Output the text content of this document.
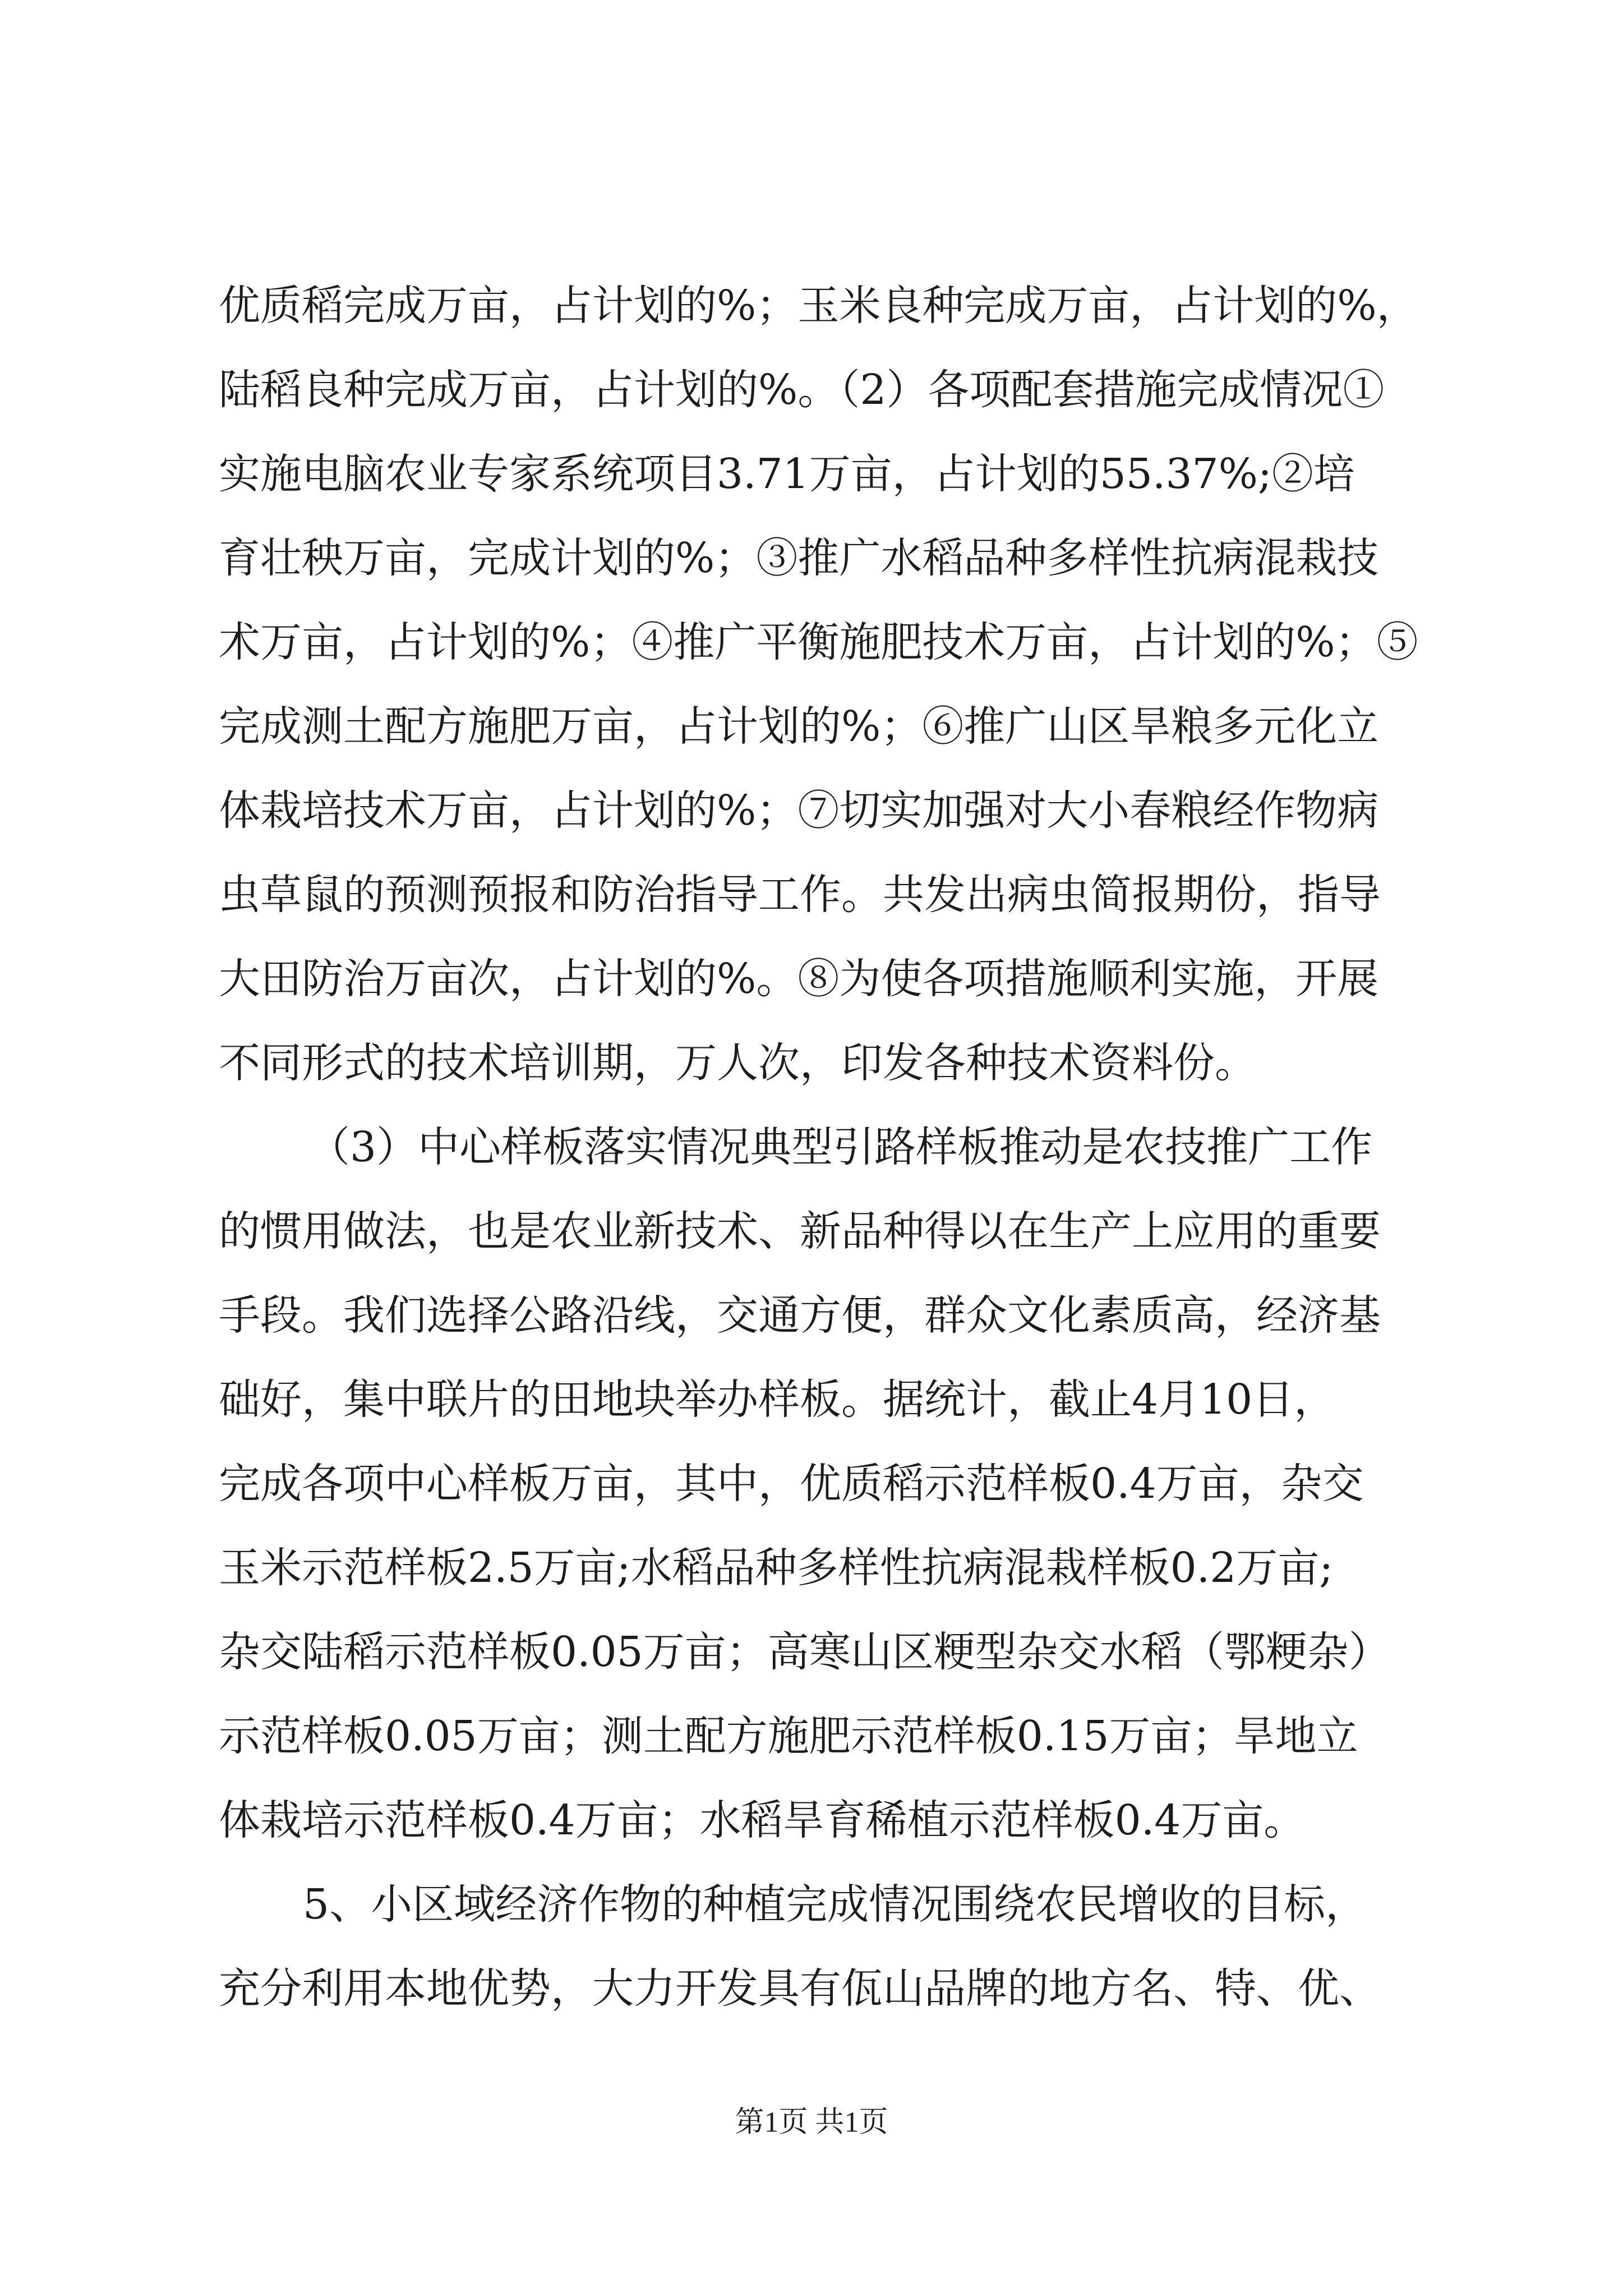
优质稻完成万亩，占计划的%；玉米良种完成万亩，占计划的%，
陆稻良种完成万亩，占计划的%。（2）各项配套措施完成情况①
实施电脑农业专家系统项目3.71万亩，占计划的55.37%;②培
育壮秧万亩，完成计划的%；③推广水稻品种多样性抗病混栽技
术万亩，占计划的%；④推广平衡施肥技术万亩，占计划的%；⑤
完成测土配方施肥万亩，占计划的%；⑥推广山区旱粮多元化立
体栽培技术万亩，占计划的%；⑦切实加强对大小春粮经作物病
虫草鼠的预测预报和防治指导工作。共发出病虫简报期份，指导
大田防治万亩次，占计划的%。⑧为使各项措施顺利实施，开展
不同形式的技术培训期，万人次，印发各种技术资料份。
（3）中心样板落实情况典型引路样板推动是农技推广工作
的惯用做法，也是农业新技术、新品种得以在生产上应用的重要
手段。我们选择公路沿线，交通方便，群众文化素质高，经济基
础好，集中联片的田地块举办样板。据统计，截止4月10日，
完成各项中心样板万亩，其中，优质稻示范样板0.4万亩，杂交
玉米示范样板2.5万亩;水稻品种多样性抗病混栽样板0.2万亩;
杂交陆稻示范样板0.05万亩；高寒山区粳型杂交水稻（鄂粳杂）
示范样板0.05万亩；测土配方施肥示范样板0.15万亩；旱地立
体栽培示范样板0.4万亩；水稻旱育稀植示范样板0.4万亩。
5、小区域经济作物的种植完成情况围绕农民增收的目标，
充分利用本地优势，大力开发具有佤山品牌的地方名、特、优、
第1页 共1页
